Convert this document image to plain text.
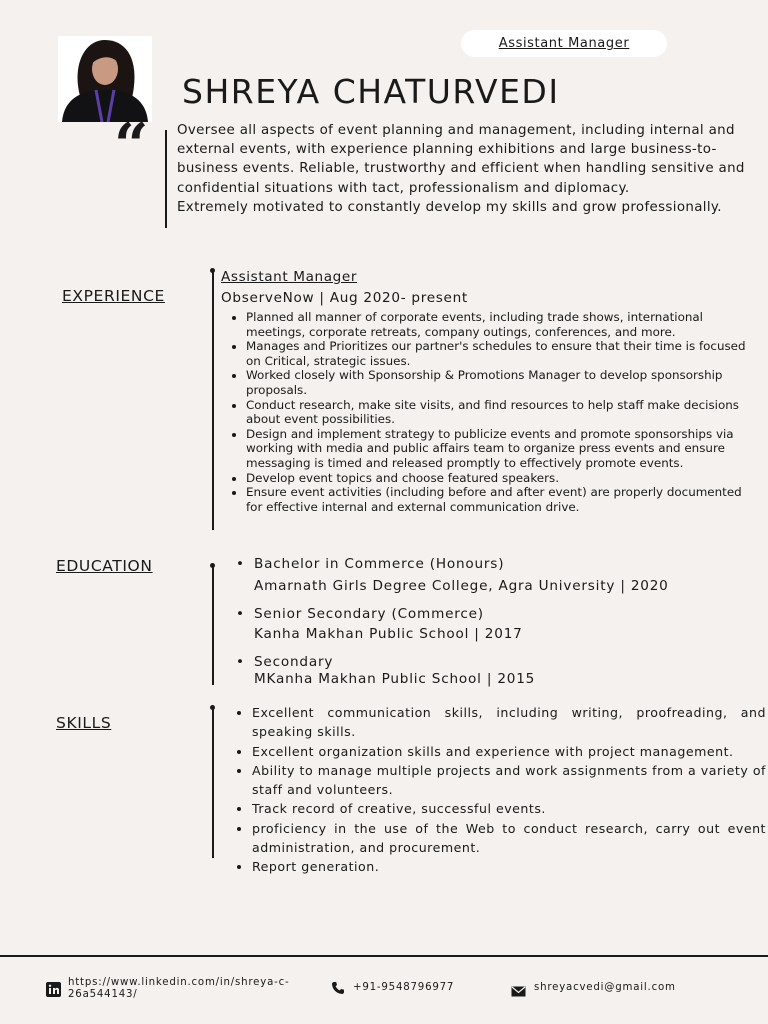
Assistant Manager
SHREYA CHATURVEDI
“ Oversee all aspects of event planning and management, including internal and external events, with experience planning exhibitions and large business-to-business events. Reliable, trustworthy and efficient when handling sensitive and confidential situations with tact, professionalism and diplomacy.
Extremely motivated to constantly develop my skills and grow professionally.
EXPERIENCE
Assistant Manager
ObserveNow | Aug 2020- present
• Planned all manner of corporate events, including trade shows, international meetings, corporate retreats, company outings, conferences, and more.
• Manages and Prioritizes our partner's schedules to ensure that their time is focused on Critical, strategic issues.
• Worked closely with Sponsorship & Promotions Manager to develop sponsorship proposals.
• Conduct research, make site visits, and find resources to help staff make decisions about event possibilities.
• Design and implement strategy to publicize events and promote sponsorships via working with media and public affairs team to organize press events and ensure messaging is timed and released promptly to effectively promote events.
• Develop event topics and choose featured speakers.
• Ensure event activities (including before and after event) are properly documented for effective internal and external communication drive.
EDUCATION	• Bachelor in Commerce (Honours)
Amarnath Girls Degree College, Agra University | 2020
• Senior Secondary (Commerce)
Kanha Makhan Public School | 2017
• Secondary
MKanha Makhan Public School | 2015
SKILLS
• Excellent communication skills, including writing, proofreading, and speaking skills.
• Excellent organization skills and experience with project management.
• Ability to manage multiple projects and work assignments from a variety of staff and volunteers.
• Track record of creative, successful events.
• proficiency in the use of the Web to conduct research, carry out event administration, and procurement.
• Report generation.
https://www.linkedin.com/in/shreya-c-26a544143/
+91-9548796977	shreyacvedi@gmail.com
